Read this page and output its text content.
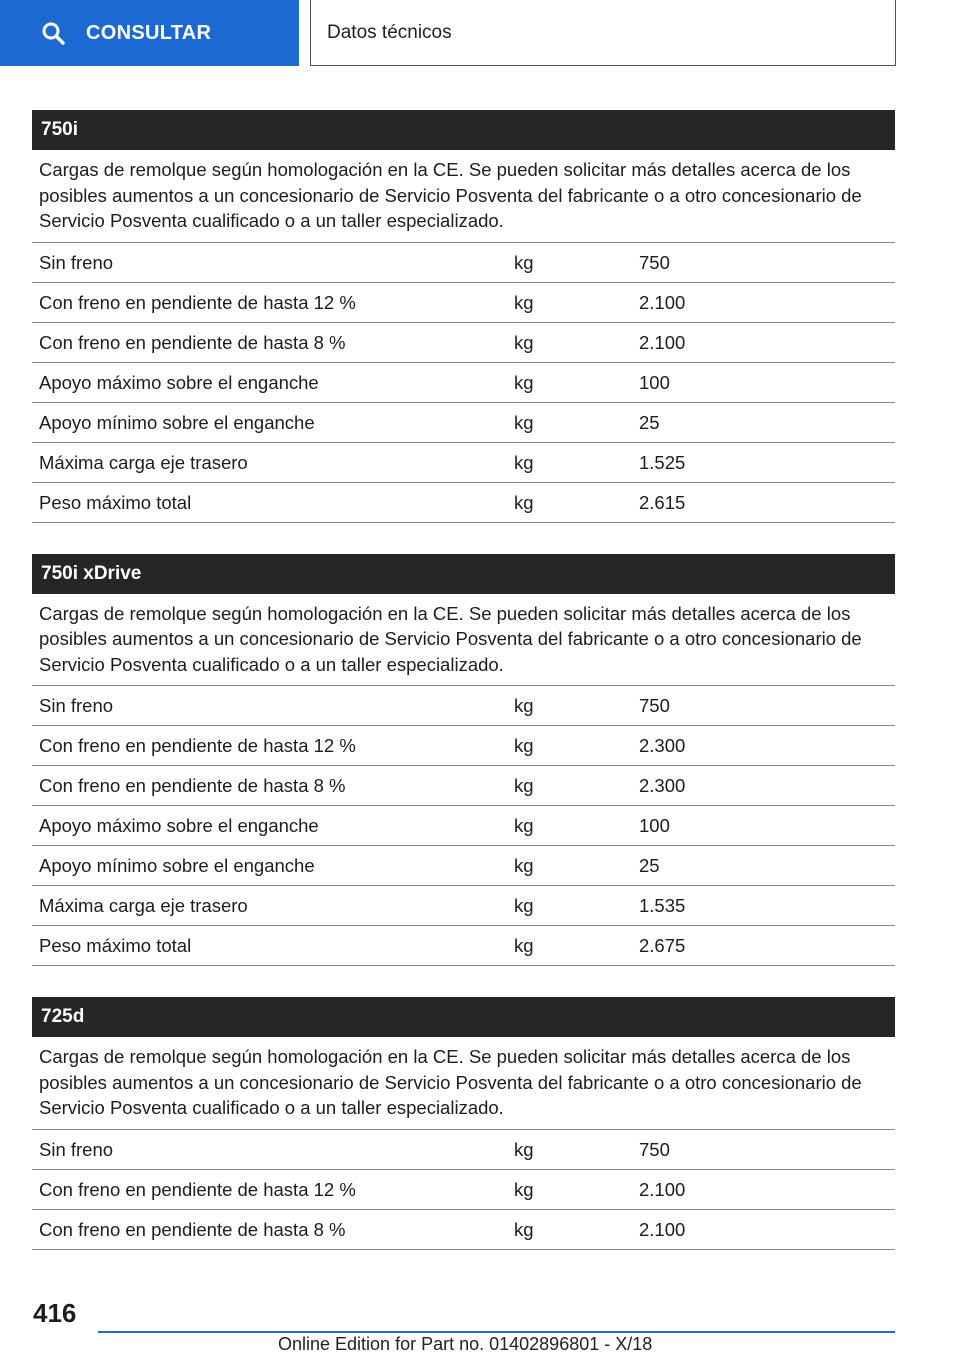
CONSULTAR	Datos técnicos
750i
Cargas de remolque según homologación en la CE. Se pueden solicitar más detalles acerca de los posibles aumentos a un concesionario de Servicio Posventa del fabricante o a otro concesionario de Servicio Posventa cualificado o a un taller especializado.
Sin freno	kg	750
Con freno en pendiente de hasta 12 %	kg	2.100
Con freno en pendiente de hasta 8 %	kg	2.100
Apoyo máximo sobre el enganche	kg	100
Apoyo mínimo sobre el enganche	kg	25
Máxima carga eje trasero	kg	1.525
Peso máximo total	kg	2.615
750i xDrive
Cargas de remolque según homologación en la CE. Se pueden solicitar más detalles acerca de los posibles aumentos a un concesionario de Servicio Posventa del fabricante o a otro concesionario de Servicio Posventa cualificado o a un taller especializado.
Sin freno	kg	750
Con freno en pendiente de hasta 12 %	kg	2.300
Con freno en pendiente de hasta 8 %	kg	2.300
Apoyo máximo sobre el enganche	kg	100
Apoyo mínimo sobre el enganche	kg	25
Máxima carga eje trasero	kg	1.535
Peso máximo total	kg	2.675
725d
Cargas de remolque según homologación en la CE. Se pueden solicitar más detalles acerca de los posibles aumentos a un concesionario de Servicio Posventa del fabricante o a otro concesionario de Servicio Posventa cualificado o a un taller especializado.
Sin freno	kg	750
Con freno en pendiente de hasta 12 %	kg	2.100
Con freno en pendiente de hasta 8 %	kg	2.100
416
Online Edition for Part no. 01402896801 - X/18
